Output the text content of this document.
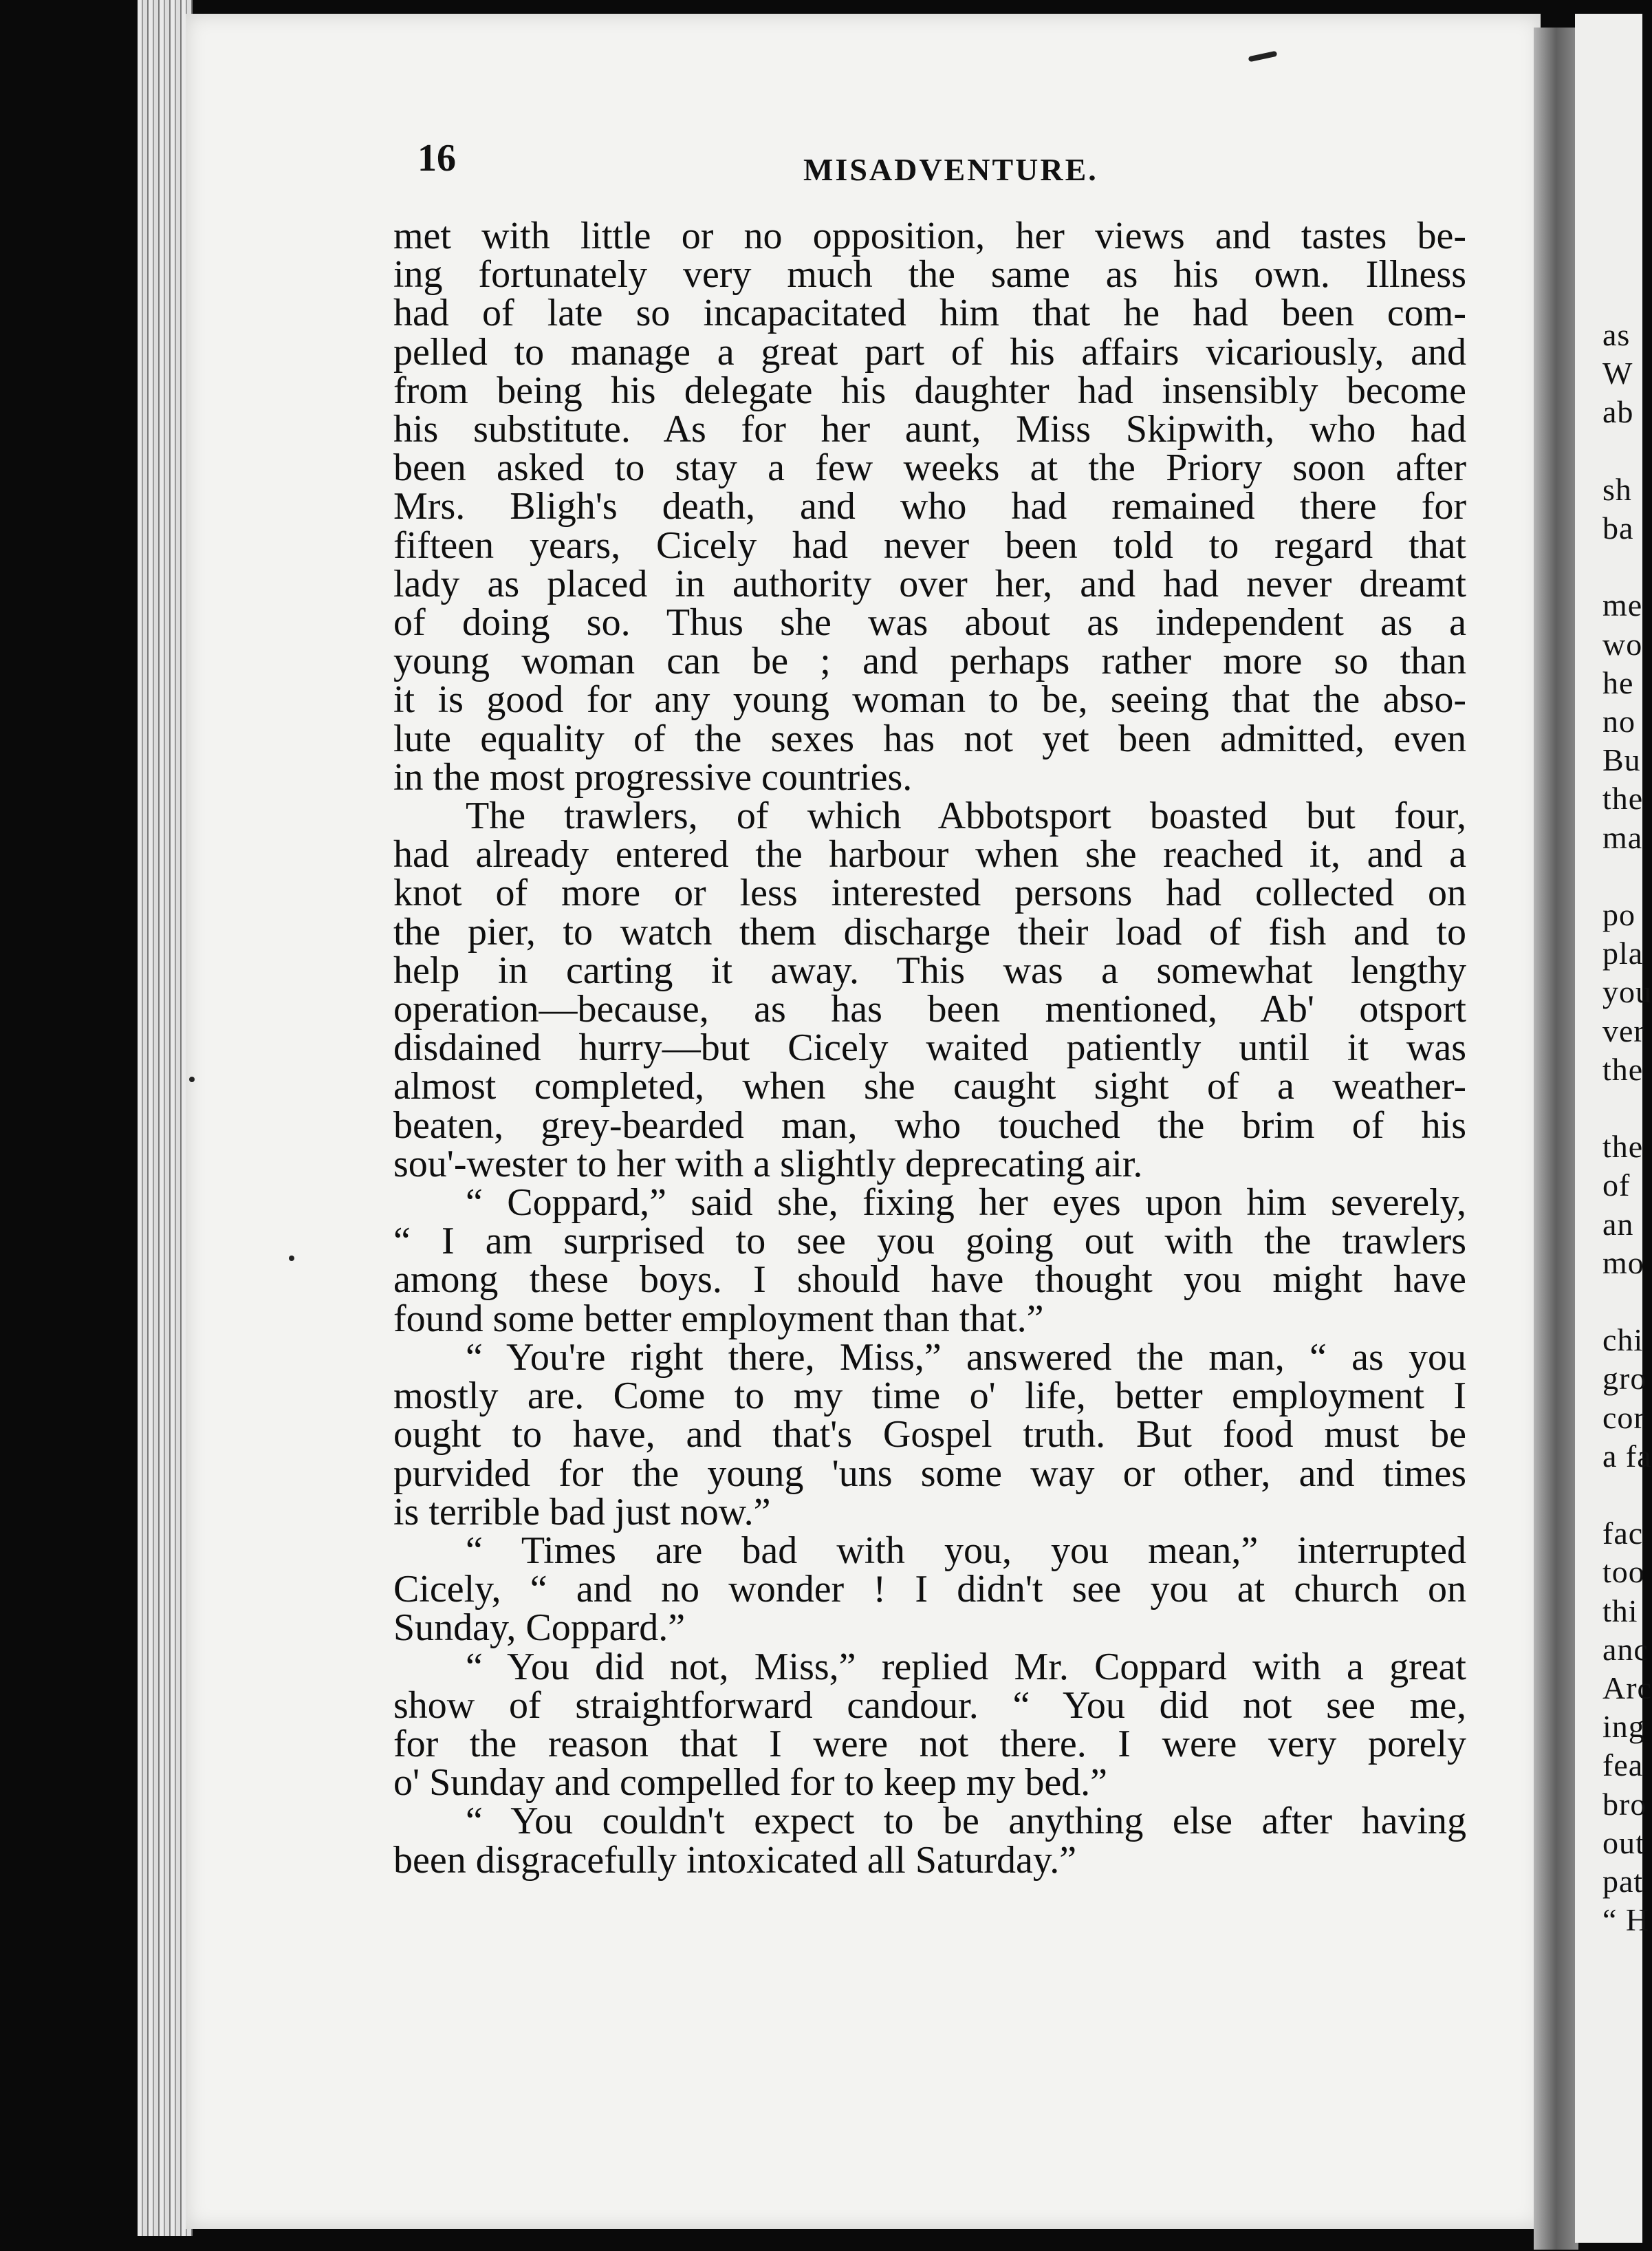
16	MISADVENTURE.
met with little or no opposition, her views and tastes be-
ing fortunately very much the same as his own. Illness
had of late so incapacitated him that he had been com-
pelled to manage a great part of his affairs vicariously, and
from being his delegate his daughter had insensibly become
his substitute. As for her aunt, Miss Skipwith, who had
been asked to stay a few weeks at the Priory soon after
Mrs. Bligh's death, and who had remained there for
fifteen years, Cicely had never been told to regard that
lady as placed in authority over her, and had never dreamt
of doing so. Thus she was about as independent as a
young woman can be ; and perhaps rather more so than
it is good for any young woman to be, seeing that the abso-
lute equality of the sexes has not yet been admitted, even
in the most progressive countries.
The trawlers, of which Abbotsport boasted but four,
had already entered the harbour when she reached it, and a
knot of more or less interested persons had collected on
the pier, to watch them discharge their load of fish and to
help in carting it away. This was a somewhat lengthy
operation—because, as has been mentioned, Ab' otsport
disdained hurry—but Cicely waited patiently until it was
almost completed, when she caught sight of a weather-
beaten, grey-bearded man, who touched the brim of his
sou'-wester to her with a slightly deprecating air.
“ Coppard,” said she, fixing her eyes upon him severely,
“ I am surprised to see you going out with the trawlers
among these boys. I should have thought you might have
found some better employment than that.”
“ You're right there, Miss,” answered the man, “ as you
mostly are. Come to my time o' life, better employment I
ought to have, and that's Gospel truth. But food must be
purvided for the young 'uns some way or other, and times
is terrible bad just now.”
“ Times are bad with you, you mean,” interrupted
Cicely, “ and no wonder ! I didn't see you at church on
Sunday, Coppard.”
“ You did not, Miss,” replied Mr. Coppard with a great
show of straightforward candour. “ You did not see me,
for the reason that I were not there. I were very porely
o' Sunday and compelled for to keep my bed.”
“ You couldn't expect to be anything else after having
been disgracefully intoxicated all Saturday.”
as
W
ab
sh
ba
me
wo
he
no
Bu
the
ma
po
pla
you
ver
the
the
of
an
mo
chi
gro
cor
a fa
fac
too
thi
anc
Arc
ing
fea
bro
out
pat
“ H
